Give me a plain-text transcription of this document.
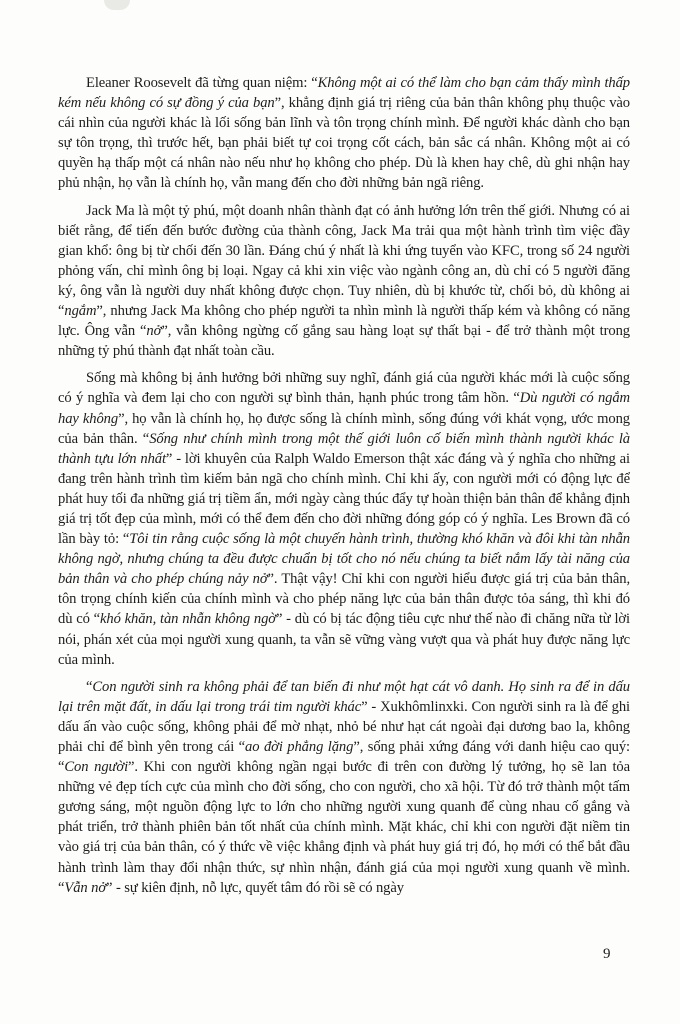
Eleaner Roosevelt đã từng quan niệm: “Không một ai có thể làm cho bạn cảm thấy mình thấp kém nếu không có sự đồng ý của bạn”, khẳng định giá trị riêng của bản thân không phụ thuộc vào cái nhìn của người khác là lối sống bản lĩnh và tôn trọng chính mình. Để người khác dành cho bạn sự tôn trọng, thì trước hết, bạn phải biết tự coi trọng cốt cách, bản sắc cá nhân. Không một ai có quyền hạ thấp một cá nhân nào nếu như họ không cho phép. Dù là khen hay chê, dù ghi nhận hay phủ nhận, họ vẫn là chính họ, vẫn mang đến cho đời những bản ngã riêng.

Jack Ma là một tỷ phú, một doanh nhân thành đạt có ảnh hưởng lớn trên thế giới. Nhưng có ai biết rằng, để tiến đến bước đường của thành công, Jack Ma trải qua một hành trình tìm việc đầy gian khổ: ông bị từ chối đến 30 lần. Đáng chú ý nhất là khi ứng tuyển vào KFC, trong số 24 người phỏng vấn, chỉ mình ông bị loại. Ngay cả khi xin việc vào ngành công an, dù chỉ có 5 người đăng ký, ông vẫn là người duy nhất không được chọn. Tuy nhiên, dù bị khước từ, chối bỏ, dù không ai “ngắm”, nhưng Jack Ma không cho phép người ta nhìn mình là người thấp kém và không có năng lực. Ông vẫn “nở”, vẫn không ngừng cố gắng sau hàng loạt sự thất bại - để trở thành một trong những tỷ phú thành đạt nhất toàn cầu.

Sống mà không bị ảnh hưởng bởi những suy nghĩ, đánh giá của người khác mới là cuộc sống có ý nghĩa và đem lại cho con người sự bình thản, hạnh phúc trong tâm hồn. “Dù người có ngắm hay không”, họ vẫn là chính họ, họ được sống là chính mình, sống đúng với khát vọng, ước mong của bản thân. “Sống như chính mình trong một thế giới luôn cố biến mình thành người khác là thành tựu lớn nhất” - lời khuyên của Ralph Waldo Emerson thật xác đáng và ý nghĩa cho những ai đang trên hành trình tìm kiếm bản ngã cho chính mình. Chỉ khi ấy, con người mới có động lực để phát huy tối đa những giá trị tiềm ẩn, mới ngày càng thúc đẩy tự hoàn thiện bản thân để khẳng định giá trị tốt đẹp của mình, mới có thể đem đến cho đời những đóng góp có ý nghĩa. Les Brown đã có lần bày tỏ: “Tôi tin rằng cuộc sống là một chuyến hành trình, thường khó khăn và đôi khi tàn nhẫn không ngờ, nhưng chúng ta đều được chuẩn bị tốt cho nó nếu chúng ta biết nắm lấy tài năng của bản thân và cho phép chúng nảy nở”. Thật vậy! Chỉ khi con người hiểu được giá trị của bản thân, tôn trọng chính kiến của chính mình và cho phép năng lực của bản thân được tỏa sáng, thì khi đó dù có “khó khăn, tàn nhẫn không ngờ” - dù có bị tác động tiêu cực như thế nào đi chăng nữa từ lời nói, phán xét của mọi người xung quanh, ta vẫn sẽ vững vàng vượt qua và phát huy được năng lực của mình.

“Con người sinh ra không phải để tan biến đi như một hạt cát vô danh. Họ sinh ra để in dấu lại trên mặt đất, in dấu lại trong trái tim người khác” - Xukhômlinxki. Con người sinh ra là để ghi dấu ấn vào cuộc sống, không phải để mờ nhạt, nhỏ bé như hạt cát ngoài đại dương bao la, không phải chỉ để bình yên trong cái “ao đời phẳng lặng”, sống phải xứng đáng với danh hiệu cao quý: “Con người”. Khi con người không ngần ngại bước đi trên con đường lý tưởng, họ sẽ lan tỏa những vẻ đẹp tích cực của mình cho đời sống, cho con người, cho xã hội. Từ đó trở thành một tấm gương sáng, một nguồn động lực to lớn cho những người xung quanh để cùng nhau cố gắng và phát triển, trở thành phiên bản tốt nhất của chính mình. Mặt khác, chỉ khi con người đặt niềm tin vào giá trị của bản thân, có ý thức về việc khẳng định và phát huy giá trị đó, họ mới có thể bắt đầu hành trình làm thay đổi nhận thức, sự nhìn nhận, đánh giá của mọi người xung quanh về mình. “Vẫn nở” - sự kiên định, nỗ lực, quyết tâm đó rồi sẽ có ngày

9
